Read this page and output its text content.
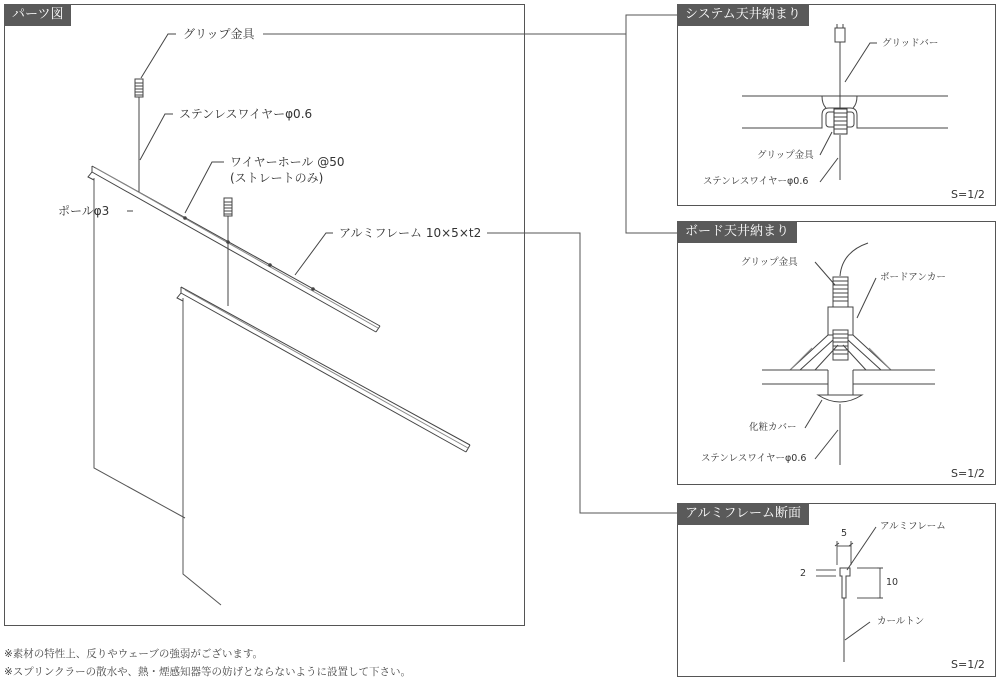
パーツ図	システム天井納まり
ボード天井納まり
アルミフレーム断面
グリップ金具
ステンレスワイヤーφ0.6
ワイヤーホール @50
(ストレートのみ)
ポールφ3
アルミフレーム 10×5×t2
グリッドバー
グリップ金具
ステンレスワイヤーφ0.6
S=1/2
グリップ金具
ボードアンカー
化粧カバー
ステンレスワイヤーφ0.6
S=1/2
アルミフレーム
カールトン
5
10
2
S=1/2
※素材の特性上、反りやウェーブの強弱がございます。
※スプリンクラーの散水や、熱・煙感知器等の妨げとならないように設置して下さい。
